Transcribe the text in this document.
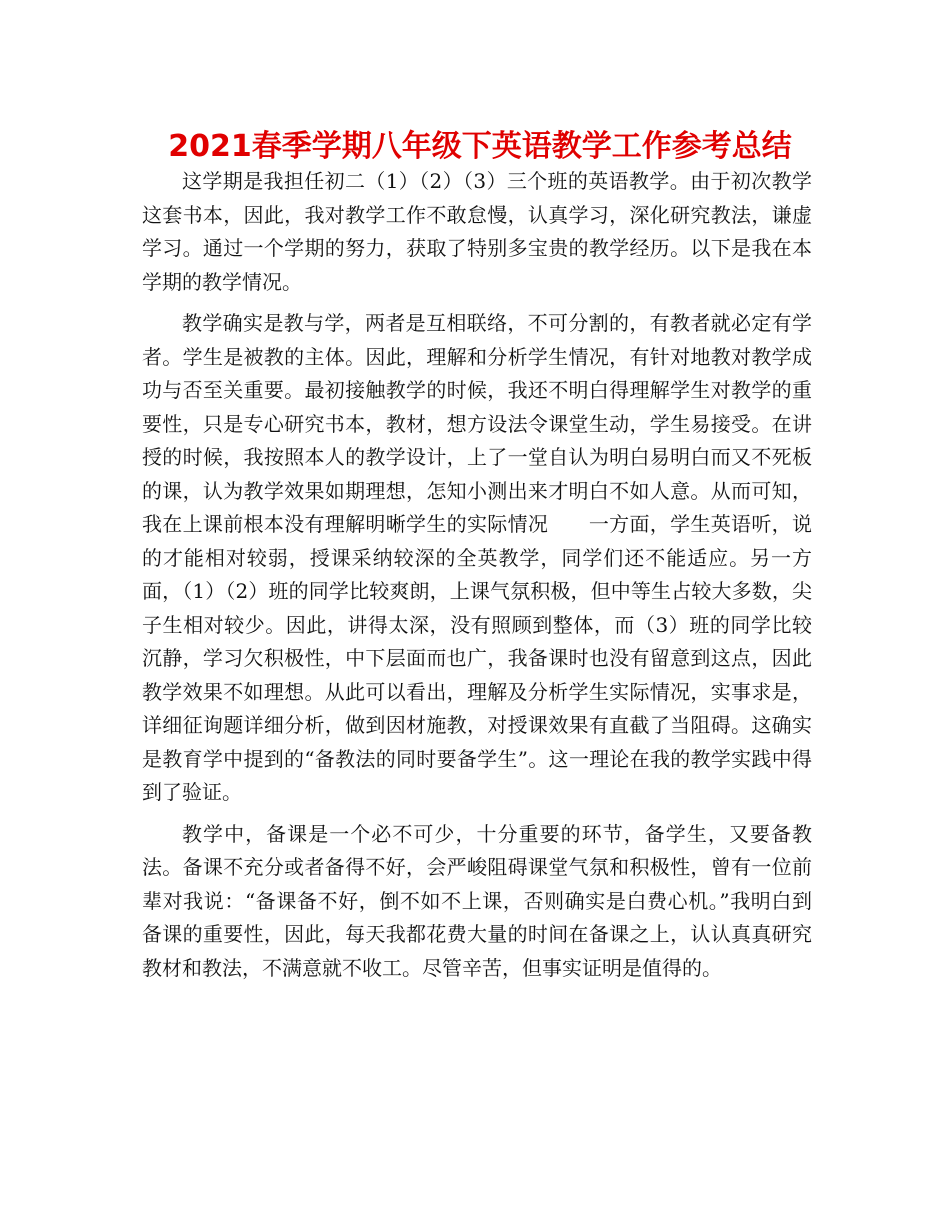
2021春季学期八年级下英语教学工作参考总结

这学期是我担任初二（1）（2）（3）三个班的英语教学。由于初次教学这套书本，因此，我对教学工作不敢怠慢，认真学习，深化研究教法，谦虚学习。通过一个学期的努力，获取了特别多宝贵的教学经历。以下是我在本学期的教学情况。

教学确实是教与学，两者是互相联络，不可分割的，有教者就必定有学者。学生是被教的主体。因此，理解和分析学生情况，有针对地教对教学成功与否至关重要。最初接触教学的时候，我还不明白得理解学生对教学的重要性，只是专心研究书本，教材，想方设法令课堂生动，学生易接受。在讲授的时候，我按照本人的教学设计，上了一堂自认为明白易明白而又不死板的课，认为教学效果如期理想，怎知小测出来才明白不如人意。从而可知，我在上课前根本没有理解明晰学生的实际情况　　一方面，学生英语听，说的才能相对较弱，授课采纳较深的全英教学，同学们还不能适应。另一方面，（1）（2）班的同学比较爽朗，上课气氛积极，但中等生占较大多数，尖子生相对较少。因此，讲得太深，没有照顾到整体，而（3）班的同学比较沉静，学习欠积极性，中下层面而也广，我备课时也没有留意到这点，因此教学效果不如理想。从此可以看出，理解及分析学生实际情况，实事求是，详细征询题详细分析，做到因材施教，对授课效果有直截了当阻碍。这确实是教育学中提到的“备教法的同时要备学生”。这一理论在我的教学实践中得到了验证。

教学中，备课是一个必不可少，十分重要的环节，备学生，又要备教法。备课不充分或者备得不好，会严峻阻碍课堂气氛和积极性，曾有一位前辈对我说：“备课备不好，倒不如不上课，否则确实是白费心机。”我明白到备课的重要性，因此，每天我都花费大量的时间在备课之上，认认真真研究教材和教法，不满意就不收工。尽管辛苦，但事实证明是值得的。
